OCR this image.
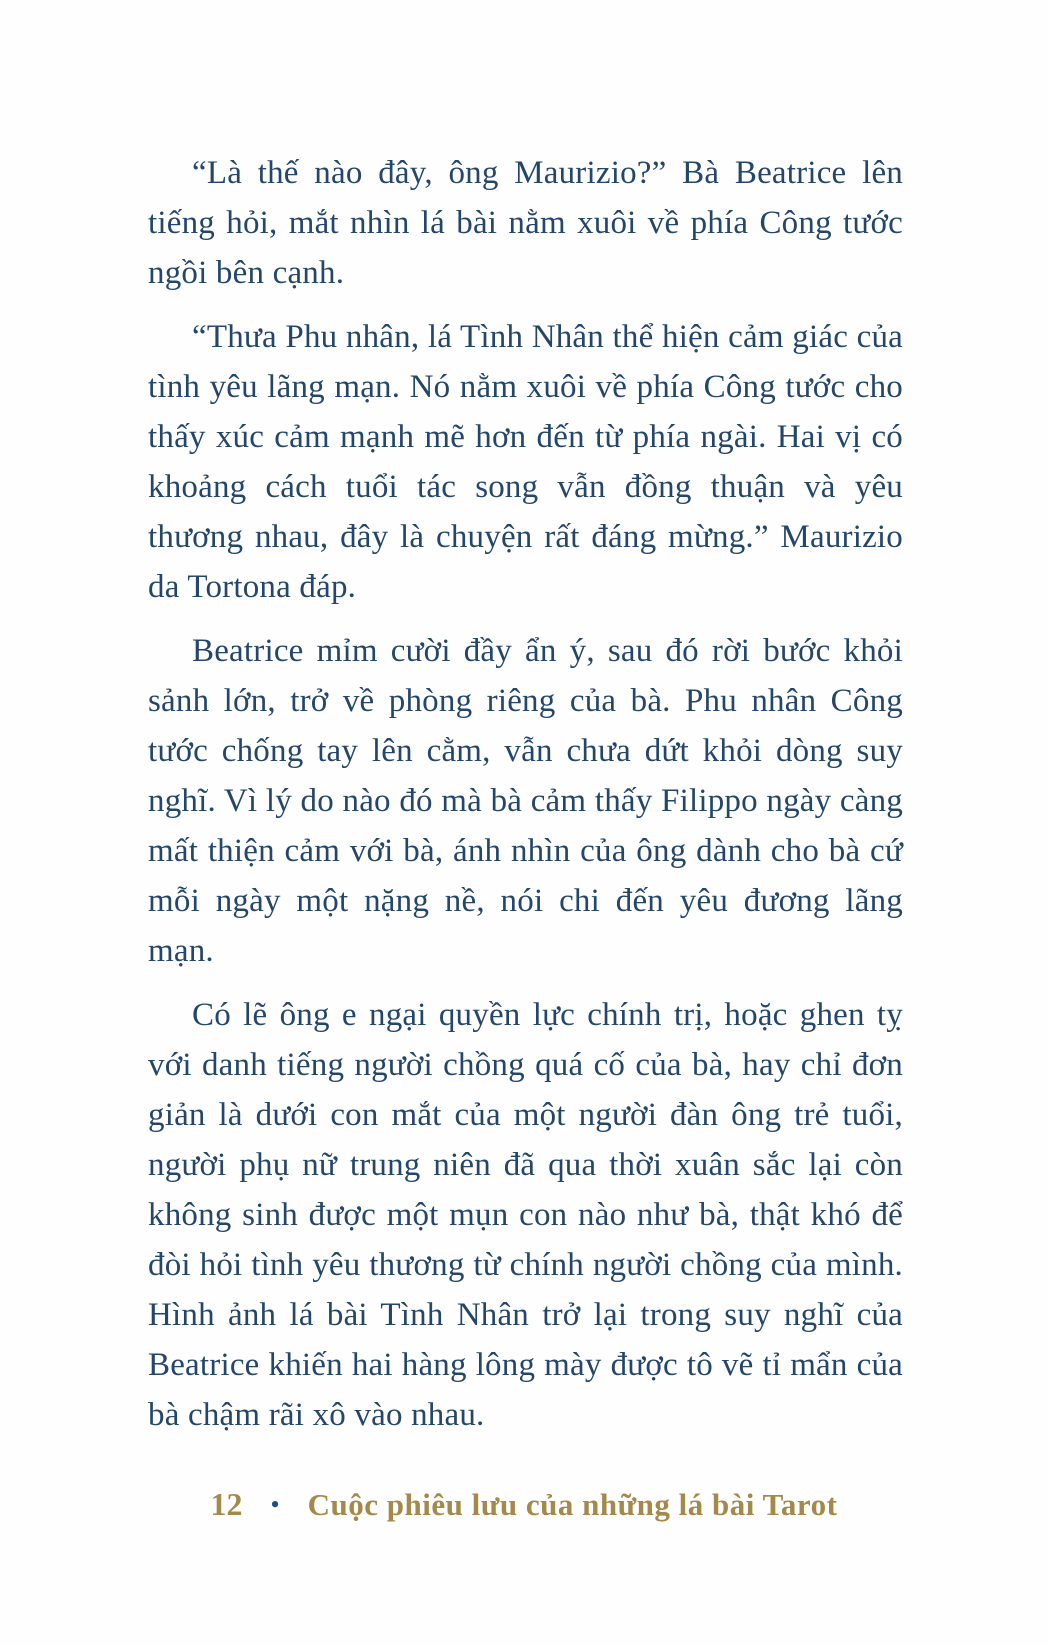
“Là thế nào đây, ông Maurizio?” Bà Beatrice lên tiếng hỏi, mắt nhìn lá bài nằm xuôi về phía Công tước ngồi bên cạnh.

“Thưa Phu nhân, lá Tình Nhân thể hiện cảm giác của tình yêu lãng mạn. Nó nằm xuôi về phía Công tước cho thấy xúc cảm mạnh mẽ hơn đến từ phía ngài. Hai vị có khoảng cách tuổi tác song vẫn đồng thuận và yêu thương nhau, đây là chuyện rất đáng mừng.” Maurizio da Tortona đáp.

Beatrice mỉm cười đầy ẩn ý, sau đó rời bước khỏi sảnh lớn, trở về phòng riêng của bà. Phu nhân Công tước chống tay lên cằm, vẫn chưa dứt khỏi dòng suy nghĩ. Vì lý do nào đó mà bà cảm thấy Filippo ngày càng mất thiện cảm với bà, ánh nhìn của ông dành cho bà cứ mỗi ngày một nặng nề, nói chi đến yêu đương lãng mạn.

Có lẽ ông e ngại quyền lực chính trị, hoặc ghen tỵ với danh tiếng người chồng quá cố của bà, hay chỉ đơn giản là dưới con mắt của một người đàn ông trẻ tuổi, người phụ nữ trung niên đã qua thời xuân sắc lại còn không sinh được một mụn con nào như bà, thật khó để đòi hỏi tình yêu thương từ chính người chồng của mình. Hình ảnh lá bài Tình Nhân trở lại trong suy nghĩ của Beatrice khiến hai hàng lông mày được tô vẽ tỉ mẩn của bà chậm rãi xô vào nhau.

12 • Cuộc phiêu lưu của những lá bài Tarot
